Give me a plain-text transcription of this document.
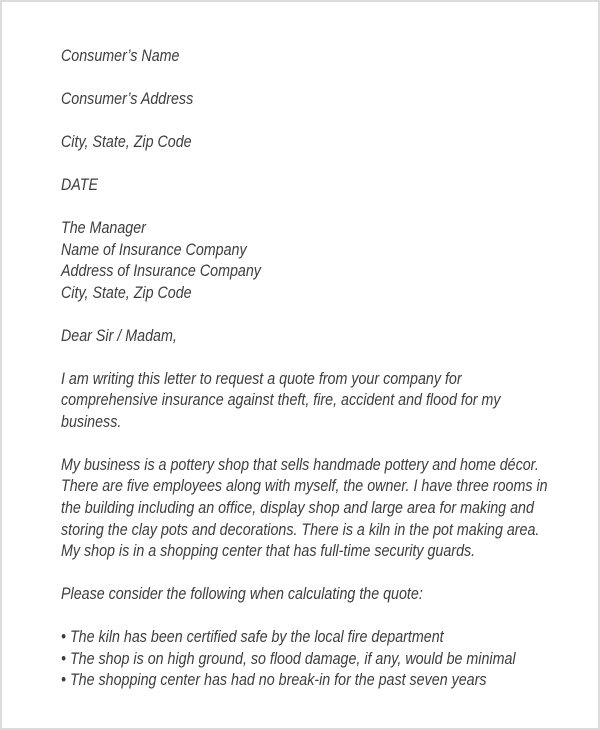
Consumer’s Name
Consumer’s Address
City, State, Zip Code
DATE
The Manager
Name of Insurance Company
Address of Insurance Company
City, State, Zip Code
Dear Sir / Madam,
I am writing this letter to request a quote from your company for
comprehensive insurance against theft, fire, accident and flood for my
business.
My business is a pottery shop that sells handmade pottery and home décor.
There are five employees along with myself, the owner. I have three rooms in
the building including an office, display shop and large area for making and
storing the clay pots and decorations. There is a kiln in the pot making area.
My shop is in a shopping center that has full-time security guards.
Please consider the following when calculating the quote:
• The kiln has been certified safe by the local fire department
• The shop is on high ground, so flood damage, if any, would be minimal
• The shopping center has had no break-in for the past seven years
